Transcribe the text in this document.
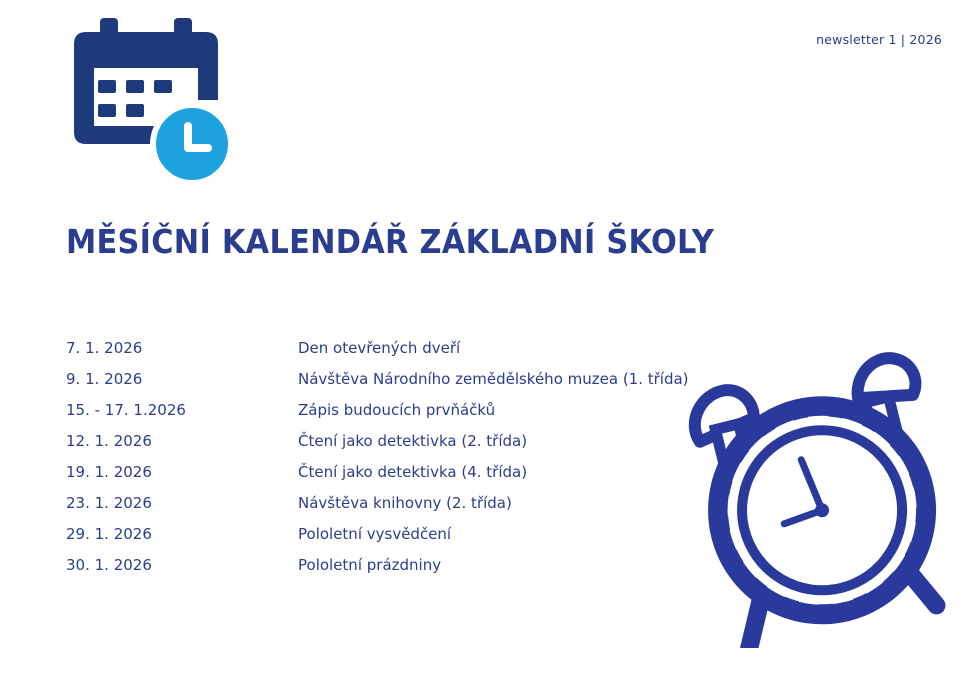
newsletter 1 | 2026
MĚSÍČNÍ KALENDÁŘ ZÁKLADNÍ ŠKOLY
7. 1. 2026	Den otevřených dveří
9. 1. 2026	Návštěva Národního zemědělského muzea (1. třída)
15. - 17. 1.2026	Zápis budoucích prvňáčků
12. 1. 2026	Čtení jako detektivka (2. třída)
19. 1. 2026	Čtení jako detektivka (4. třída)
23. 1. 2026	Návštěva knihovny (2. třída)
29. 1. 2026	Pololetní vysvědčení
30. 1. 2026	Pololetní prázdniny
